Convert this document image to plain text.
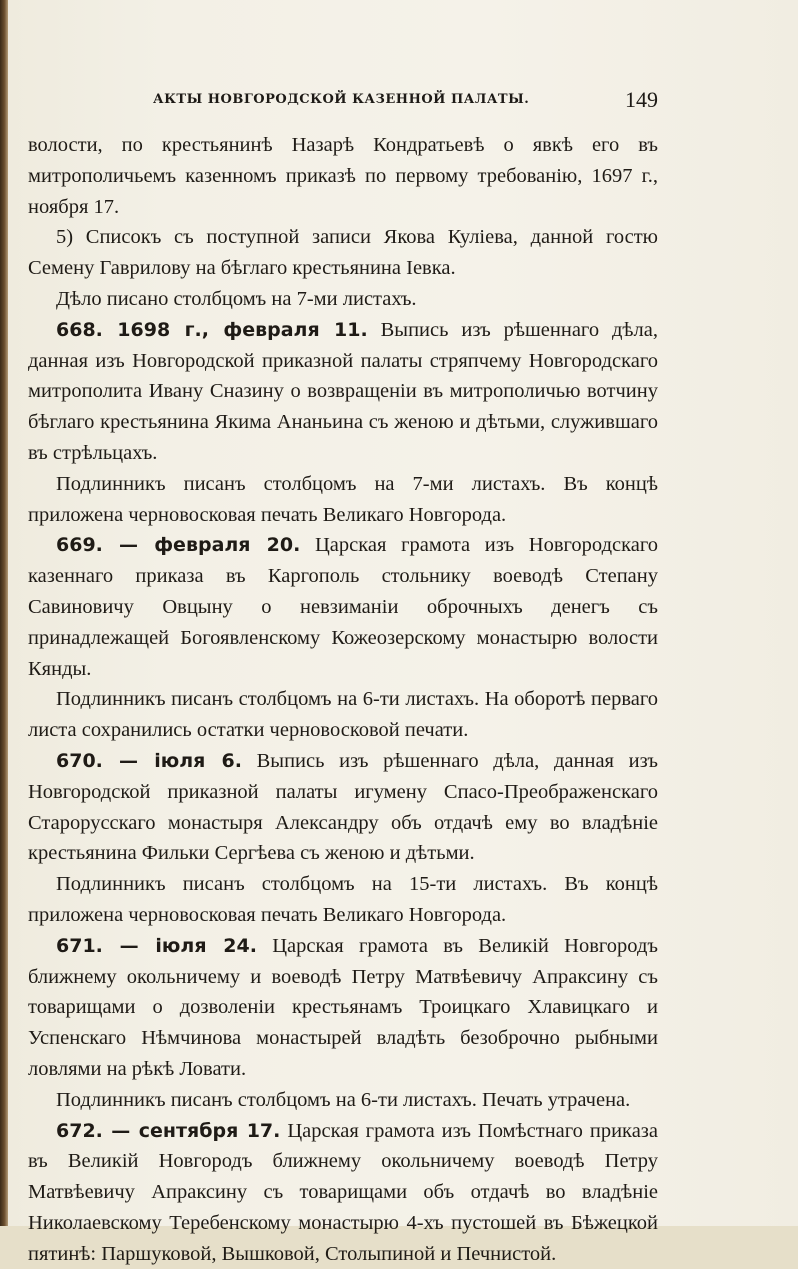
АКТЫ НОВГОРОДСКОЙ КАЗЕННОЙ ПАЛАТЫ.	149

волости, по крестьянинѣ Назарѣ Кондратьевѣ о явкѣ его въ митрополичьемъ казенномъ приказѣ по первому требованію, 1697 г., ноября 17.

5) Списокъ съ поступной записи Якова Куліева, данной гостю Семену Гаврилову на бѣглаго крестьянина Іевка.

Дѣло писано столбцомъ на 7-ми листахъ.

668. 1698 г., февраля 11. Выпись изъ рѣшеннаго дѣла, данная изъ Новгородской приказной палаты стряпчему Новгородскаго митрополита Ивану Сназину о возвращеніи въ митрополичью вотчину бѣглаго крестьянина Якима Ананьина съ женою и дѣтьми, служившаго въ стрѣльцахъ.

Подлинникъ писанъ столбцомъ на 7-ми листахъ. Въ концѣ приложена черновосковая печать Великаго Новгорода.

669. — февраля 20. Царская грамота изъ Новгородскаго казеннаго приказа въ Каргополь стольнику воеводѣ Степану Савиновичу Овцыну о невзиманіи оброчныхъ денегъ съ принадлежащей Богоявленскому Кожеозерскому монастырю волости Кянды.

Подлинникъ писанъ столбцомъ на 6-ти листахъ. На оборотѣ перваго листа сохранились остатки черновосковой печати.

670. — іюля 6. Выпись изъ рѣшеннаго дѣла, данная изъ Новгородской приказной палаты игумену Спасо-Преображенскаго Старорусскаго монастыря Александру объ отдачѣ ему во владѣніе крестьянина Фильки Сергѣева съ женою и дѣтьми.

Подлинникъ писанъ столбцомъ на 15-ти листахъ. Въ концѣ приложена черновосковая печать Великаго Новгорода.

671. — іюля 24. Царская грамота въ Великій Новгородъ ближнему окольничему и воеводѣ Петру Матвѣевичу Апраксину съ товарищами о дозволеніи крестьянамъ Троицкаго Хлавицкаго и Успенскаго Нѣмчинова монастырей владѣть безоброчно рыбными ловлями на рѣкѣ Ловати.

Подлинникъ писанъ столбцомъ на 6-ти листахъ. Печать утрачена.

672. — сентября 17. Царская грамота изъ Помѣстнаго приказа въ Великій Новгородъ ближнему окольничему воеводѣ Петру Матвѣевичу Апраксину съ товарищами объ отдачѣ во владѣніе Николаевскому Теребенскому монастырю 4-хъ пустошей въ Бѣжецкой пятинѣ: Паршуковой, Вышковой, Столыпиной и Печнистой.
